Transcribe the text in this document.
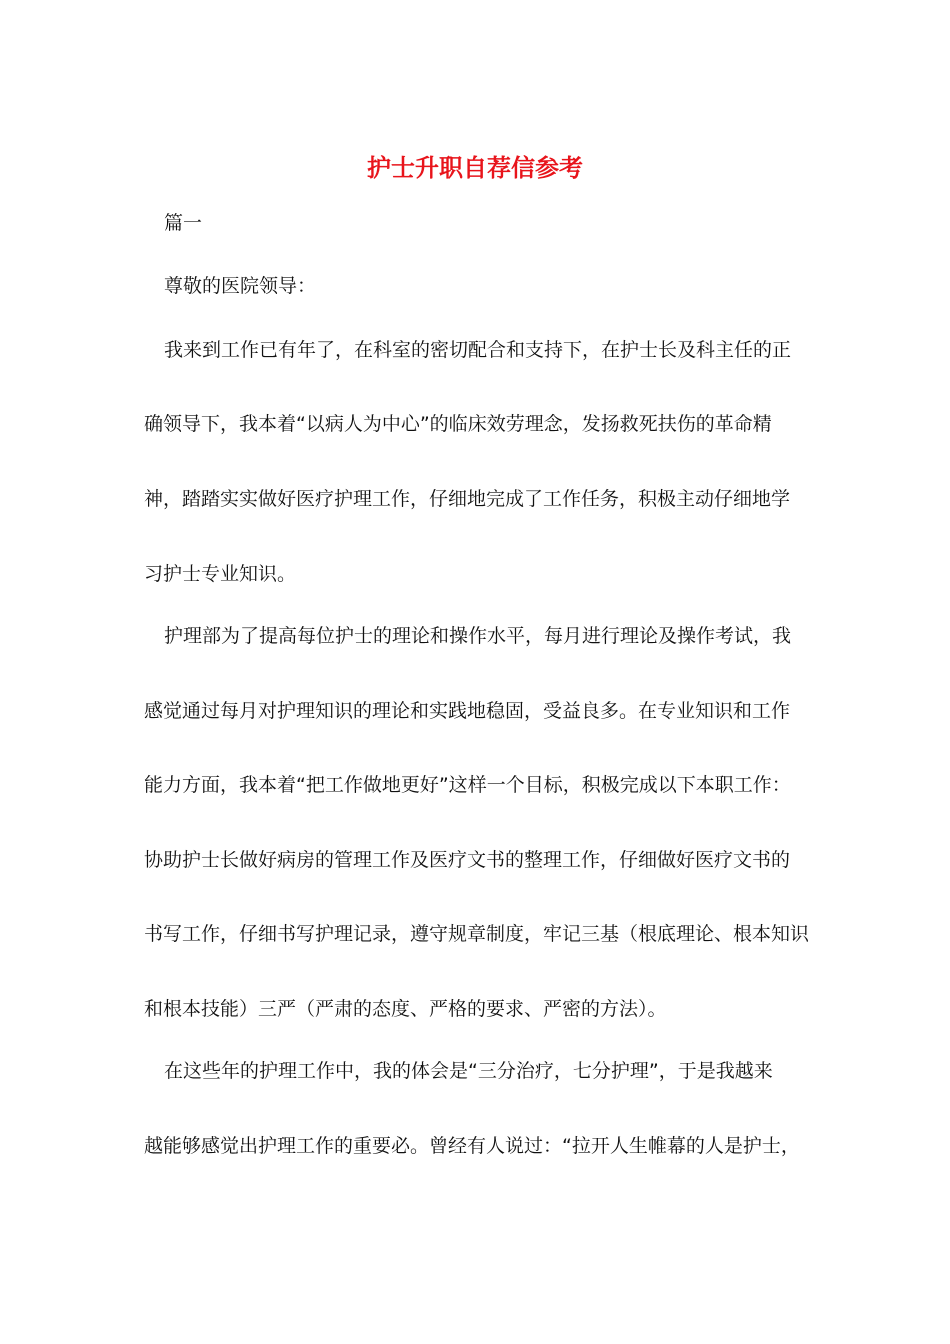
护士升职自荐信参考
篇一
尊敬的医院领导：
我来到工作已有年了，在科室的密切配合和支持下，在护士长及科主任的正
确领导下，我本着“以病人为中心”的临床效劳理念，发扬救死扶伤的革命精
神，踏踏实实做好医疗护理工作，仔细地完成了工作任务，积极主动仔细地学
习护士专业知识。
护理部为了提高每位护士的理论和操作水平，每月进行理论及操作考试，我
感觉通过每月对护理知识的理论和实践地稳固，受益良多。在专业知识和工作
能力方面，我本着“把工作做地更好”这样一个目标，积极完成以下本职工作：
协助护士长做好病房的管理工作及医疗文书的整理工作，仔细做好医疗文书的
书写工作，仔细书写护理记录，遵守规章制度，牢记三基（根底理论、根本知识
和根本技能）三严（严肃的态度、严格的要求、严密的方法）。
在这些年的护理工作中，我的体会是“三分治疗，七分护理”，于是我越来
越能够感觉出护理工作的重要必。曾经有人说过：“拉开人生帷幕的人是护士，
